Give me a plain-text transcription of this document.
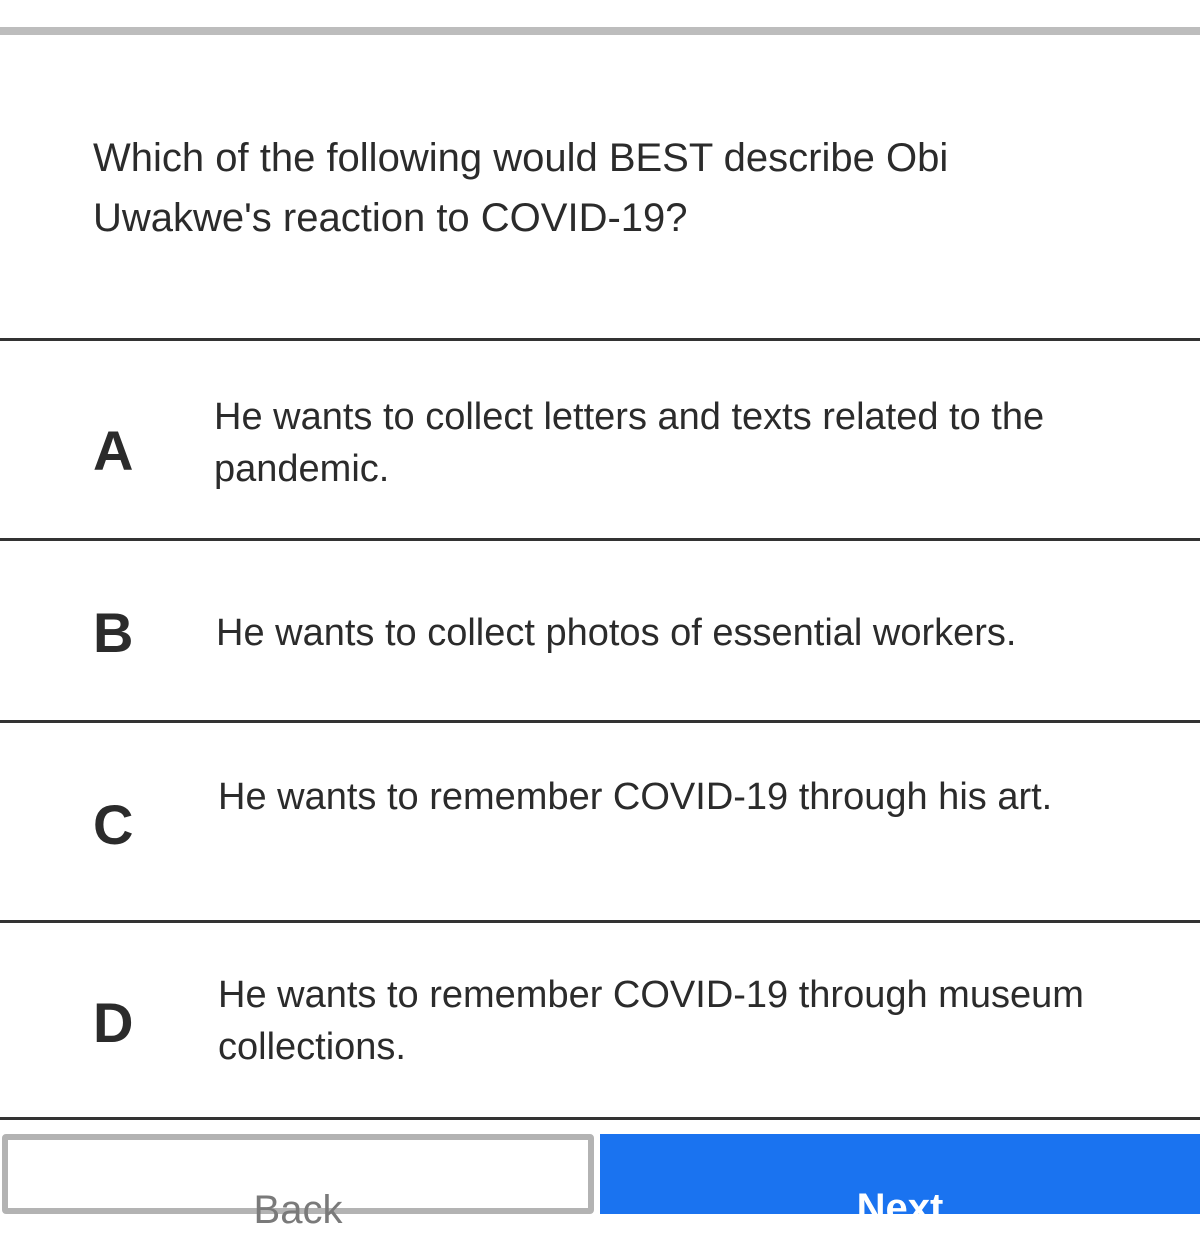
Which of the following would BEST describe Obi Uwakwe's reaction to COVID-19?
A
He wants to collect letters and texts related to the pandemic.
B He wants to collect photos of essential workers.
C He wants to remember COVID-19 through his art.
D He wants to remember COVID-19 through museum collections.
Back	Next
